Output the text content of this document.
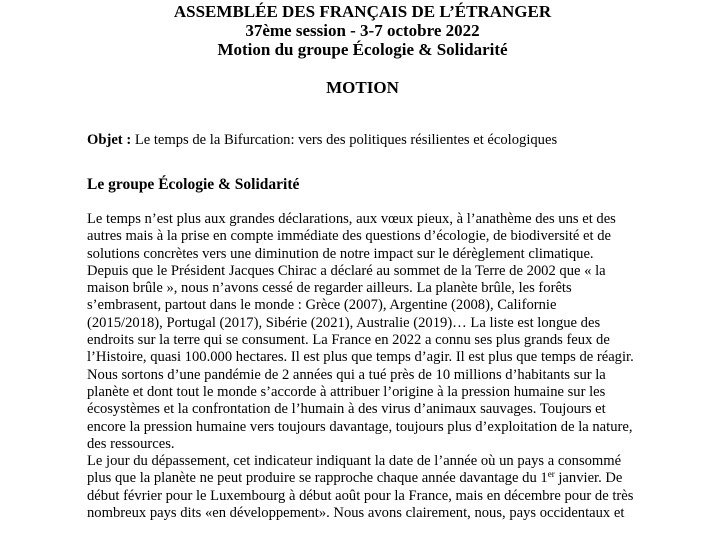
ASSEMBLÉE DES FRANÇAIS DE L’ÉTRANGER
37ème session - 3-7 octobre 2022
Motion du groupe Écologie & Solidarité
MOTION
Objet : Le temps de la Bifurcation: vers des politiques résilientes et écologiques
Le groupe Écologie & Solidarité
Le temps n’est plus aux grandes déclarations, aux vœux pieux, à l’anathème des uns et des
autres mais à la prise en compte immédiate des questions d’écologie, de biodiversité et de
solutions concrètes vers une diminution de notre impact sur le dérèglement climatique.
Depuis que le Président Jacques Chirac a déclaré au sommet de la Terre de 2002 que « la
maison brûle », nous n’avons cessé de regarder ailleurs. La planète brûle, les forêts
s’embrasent, partout dans le monde : Grèce (2007), Argentine (2008), Californie
(2015/2018), Portugal (2017), Sibérie (2021), Australie (2019)… La liste est longue des
endroits sur la terre qui se consument. La France en 2022 a connu ses plus grands feux de
l’Histoire, quasi 100.000 hectares. Il est plus que temps d’agir. Il est plus que temps de réagir.
Nous sortons d’une pandémie de 2 années qui a tué près de 10 millions d’habitants sur la
planète et dont tout le monde s’accorde à attribuer l’origine à la pression humaine sur les
écosystèmes et la confrontation de l’humain à des virus d’animaux sauvages. Toujours et
encore la pression humaine vers toujours davantage, toujours plus d’exploitation de la nature,
des ressources.
Le jour du dépassement, cet indicateur indiquant la date de l’année où un pays a consommé
plus que la planète ne peut produire se rapproche chaque année davantage du 1er janvier. De
début février pour le Luxembourg à début août pour la France, mais en décembre pour de très
nombreux pays dits «en développement». Nous avons clairement, nous, pays occidentaux et
